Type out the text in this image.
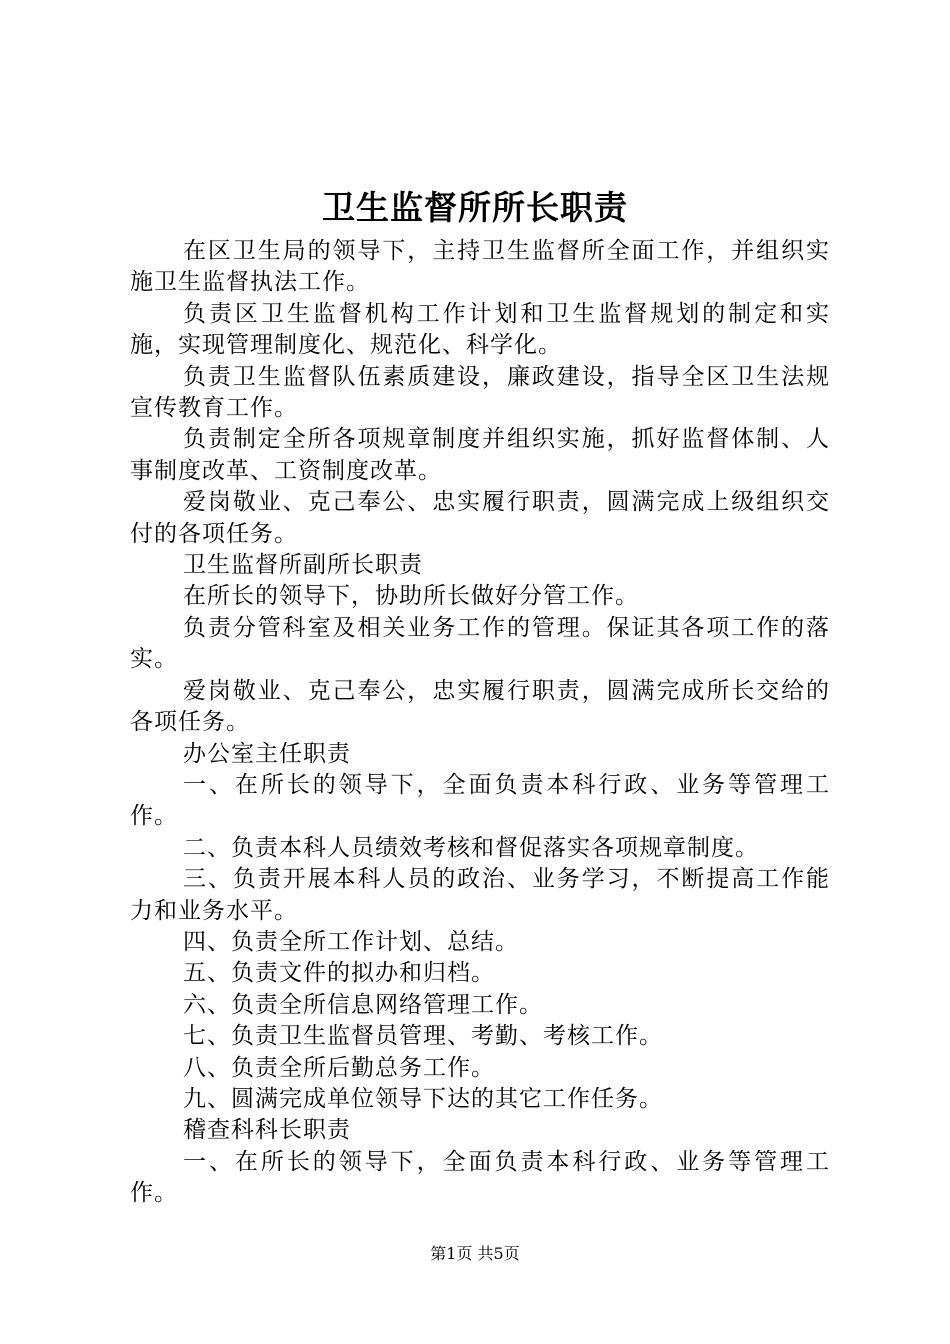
卫生监督所所长职责

在区卫生局的领导下，主持卫生监督所全面工作，并组织实施卫生监督执法工作。

负责区卫生监督机构工作计划和卫生监督规划的制定和实施，实现管理制度化、规范化、科学化。

负责卫生监督队伍素质建设，廉政建设，指导全区卫生法规宣传教育工作。

负责制定全所各项规章制度并组织实施，抓好监督体制、人事制度改革、工资制度改革。

爱岗敬业、克己奉公、忠实履行职责，圆满完成上级组织交付的各项任务。

卫生监督所副所长职责

在所长的领导下，协助所长做好分管工作。

负责分管科室及相关业务工作的管理。保证其各项工作的落实。

爱岗敬业、克己奉公，忠实履行职责，圆满完成所长交给的各项任务。

办公室主任职责

一、在所长的领导下，全面负责本科行政、业务等管理工作。

二、负责本科人员绩效考核和督促落实各项规章制度。

三、负责开展本科人员的政治、业务学习，不断提高工作能力和业务水平。

四、负责全所工作计划、总结。

五、负责文件的拟办和归档。

六、负责全所信息网络管理工作。

七、负责卫生监督员管理、考勤、考核工作。

八、负责全所后勤总务工作。

九、圆满完成单位领导下达的其它工作任务。

稽查科科长职责

一、在所长的领导下，全面负责本科行政、业务等管理工作。

第1页 共5页
